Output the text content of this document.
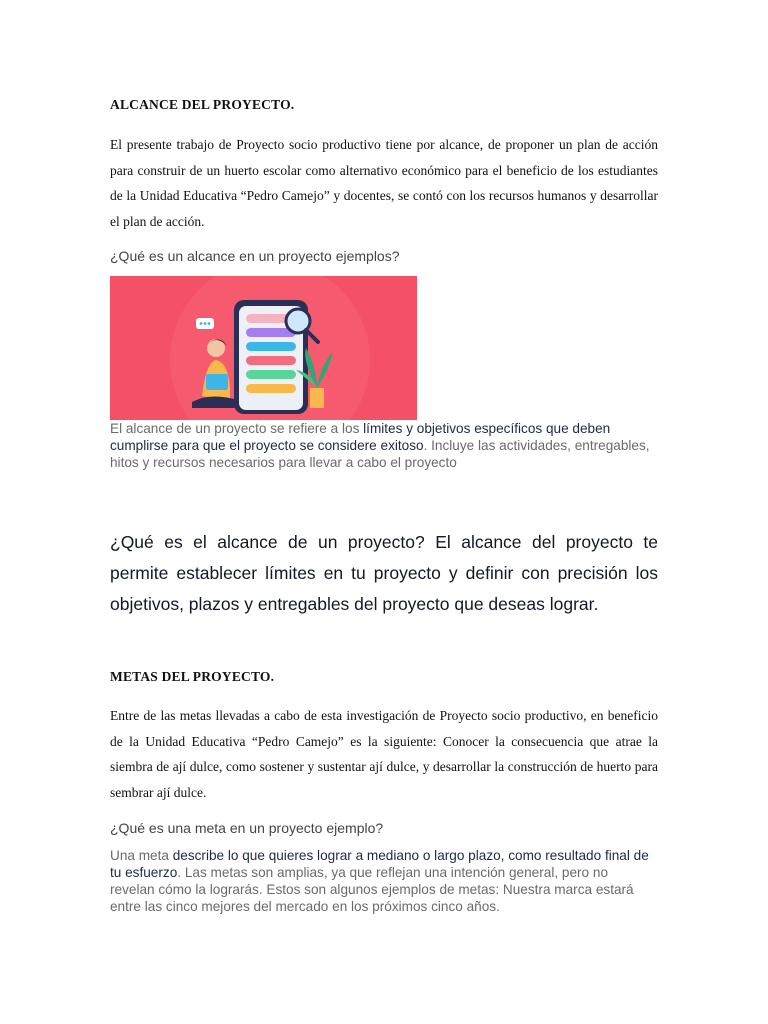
ALCANCE DEL PROYECTO.

El presente trabajo de Proyecto socio productivo tiene por alcance, de proponer un plan de acción para construir de un huerto escolar como alternativo económico para el beneficio de los estudiantes de la Unidad Educativa “Pedro Camejo” y docentes, se contó con los recursos humanos y desarrollar el plan de acción.

¿Qué es un alcance en un proyecto ejemplos?

El alcance de un proyecto se refiere a los límites y objetivos específicos que deben cumplirse para que el proyecto se considere exitoso. Incluye las actividades, entregables, hitos y recursos necesarios para llevar a cabo el proyecto

¿Qué es el alcance de un proyecto? El alcance del proyecto te permite establecer límites en tu proyecto y definir con precisión los objetivos, plazos y entregables del proyecto que deseas lograr.

METAS DEL PROYECTO.

Entre de las metas llevadas a cabo de esta investigación de Proyecto socio productivo, en beneficio de la Unidad Educativa “Pedro Camejo” es la siguiente: Conocer la consecuencia que atrae la siembra de ají dulce, como sostener y sustentar ají dulce, y desarrollar la construcción de huerto para sembrar ají dulce.

¿Qué es una meta en un proyecto ejemplo?

Una meta describe lo que quieres lograr a mediano o largo plazo, como resultado final de tu esfuerzo. Las metas son amplias, ya que reflejan una intención general, pero no revelan cómo la lograrás. Estos son algunos ejemplos de metas: Nuestra marca estará entre las cinco mejores del mercado en los próximos cinco años.
